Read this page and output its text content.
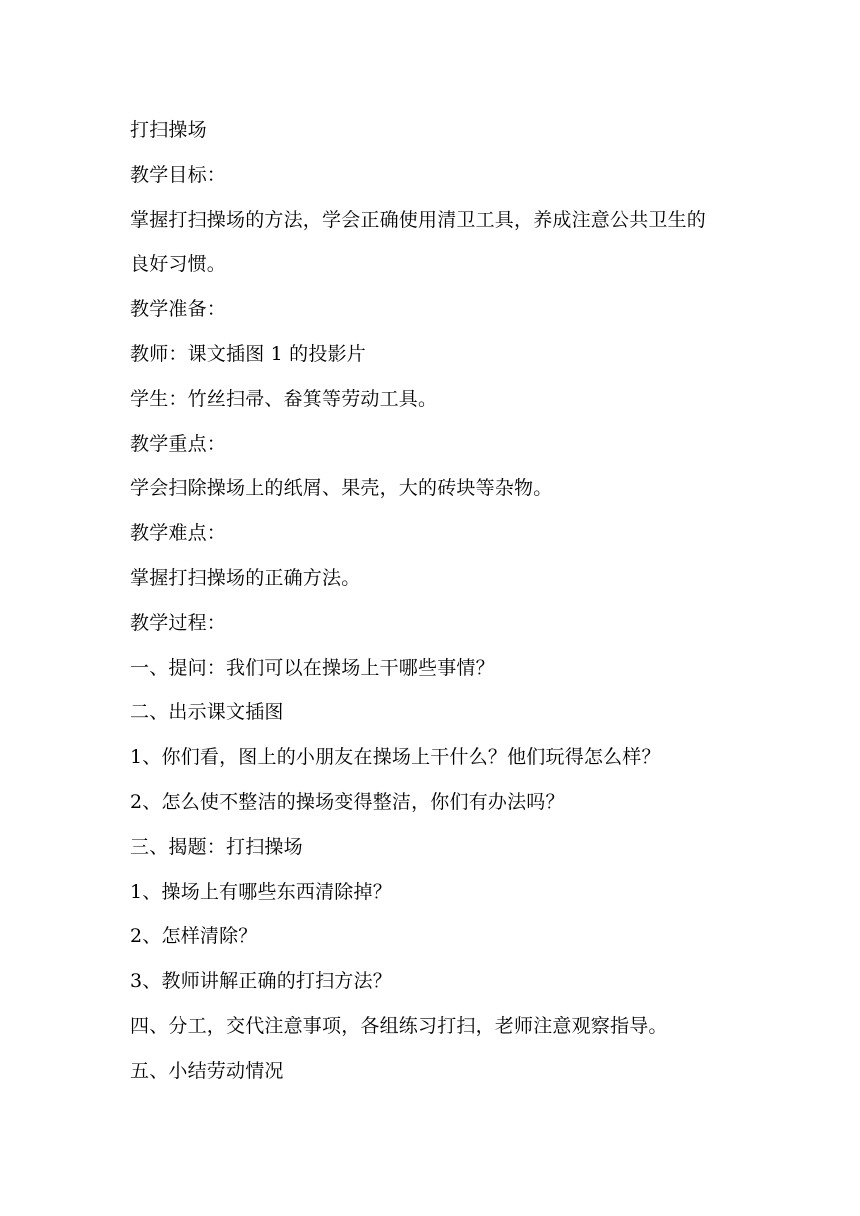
打扫操场
教学目标：
掌握打扫操场的方法，学会正确使用清卫工具，养成注意公共卫生的
良好习惯。
教学准备：
教师：课文插图 1 的投影片
学生：竹丝扫帚、畚箕等劳动工具。
教学重点：
学会扫除操场上的纸屑、果壳，大的砖块等杂物。
教学难点：
掌握打扫操场的正确方法。
教学过程：
一、提问：我们可以在操场上干哪些事情？
二、出示课文插图
1、你们看，图上的小朋友在操场上干什么？他们玩得怎么样？
2、怎么使不整洁的操场变得整洁，你们有办法吗？
三、揭题：打扫操场
1、操场上有哪些东西清除掉？
2、怎样清除？
3、教师讲解正确的打扫方法？
四、分工，交代注意事项，各组练习打扫，老师注意观察指导。
五、小结劳动情况
